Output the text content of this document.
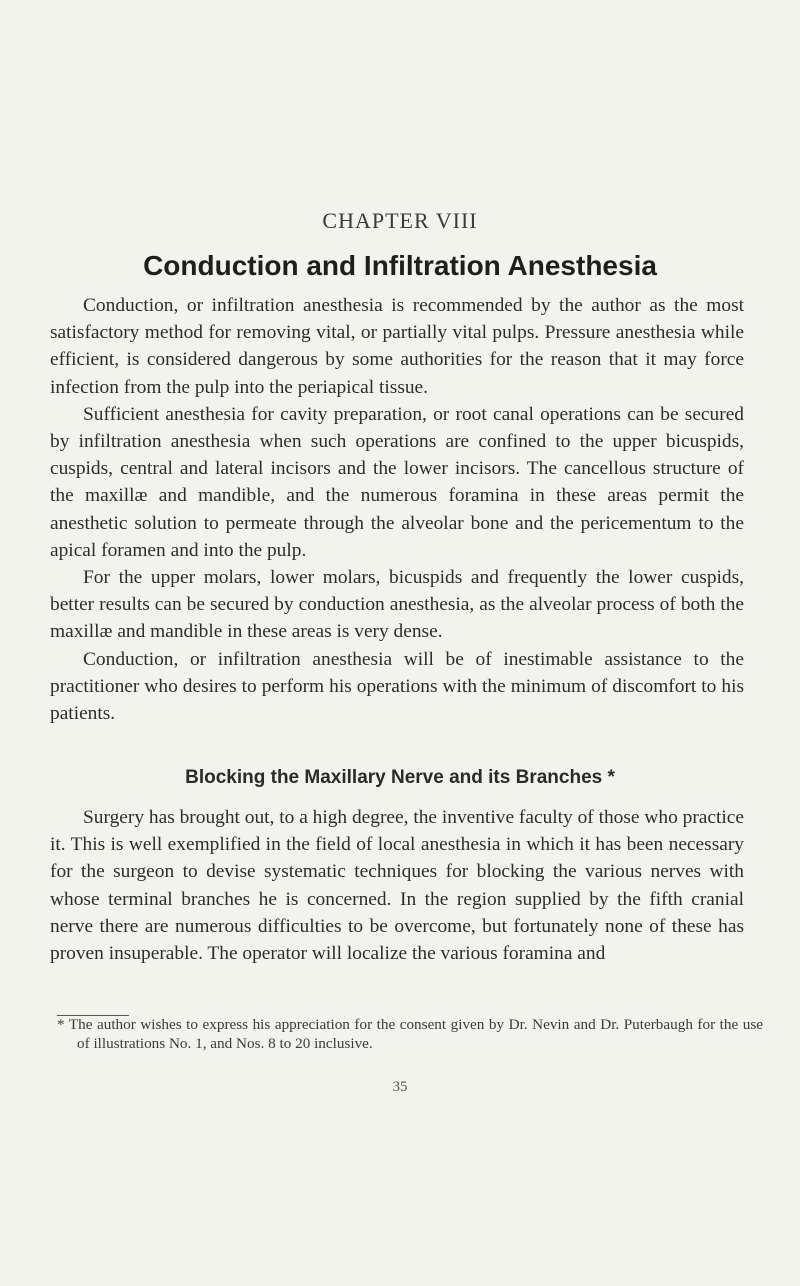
CHAPTER VIII
Conduction and Infiltration Anesthesia

Conduction, or infiltration anesthesia is recommended by the author as the most satisfactory method for removing vital, or partially vital pulps. Pressure anesthesia while efficient, is considered dangerous by some authorities for the reason that it may force infection from the pulp into the periapical tissue.

Sufficient anesthesia for cavity preparation, or root canal operations can be secured by infiltration anesthesia when such operations are confined to the upper bicuspids, cuspids, central and lateral incisors and the lower incisors. The cancellous structure of the maxillæ and mandible, and the numerous foramina in these areas permit the anesthetic solution to permeate through the alveolar bone and the pericementum to the apical foramen and into the pulp.

For the upper molars, lower molars, bicuspids and frequently the lower cuspids, better results can be secured by conduction anesthesia, as the alveolar process of both the maxillæ and mandible in these areas is very dense.

Conduction, or infiltration anesthesia will be of inestimable assistance to the practitioner who desires to perform his operations with the minimum of discomfort to his patients.

Blocking the Maxillary Nerve and its Branches *

Surgery has brought out, to a high degree, the inventive faculty of those who practice it. This is well exemplified in the field of local anesthesia in which it has been necessary for the surgeon to devise systematic techniques for blocking the various nerves with whose terminal branches he is concerned. In the region supplied by the fifth cranial nerve there are numerous difficulties to be overcome, but fortunately none of these has proven insuperable. The operator will localize the various foramina and

* The author wishes to express his appreciation for the consent given by Dr. Nevin and Dr. Puterbaugh for the use of illustrations No. 1, and Nos. 8 to 20 inclusive.
35
